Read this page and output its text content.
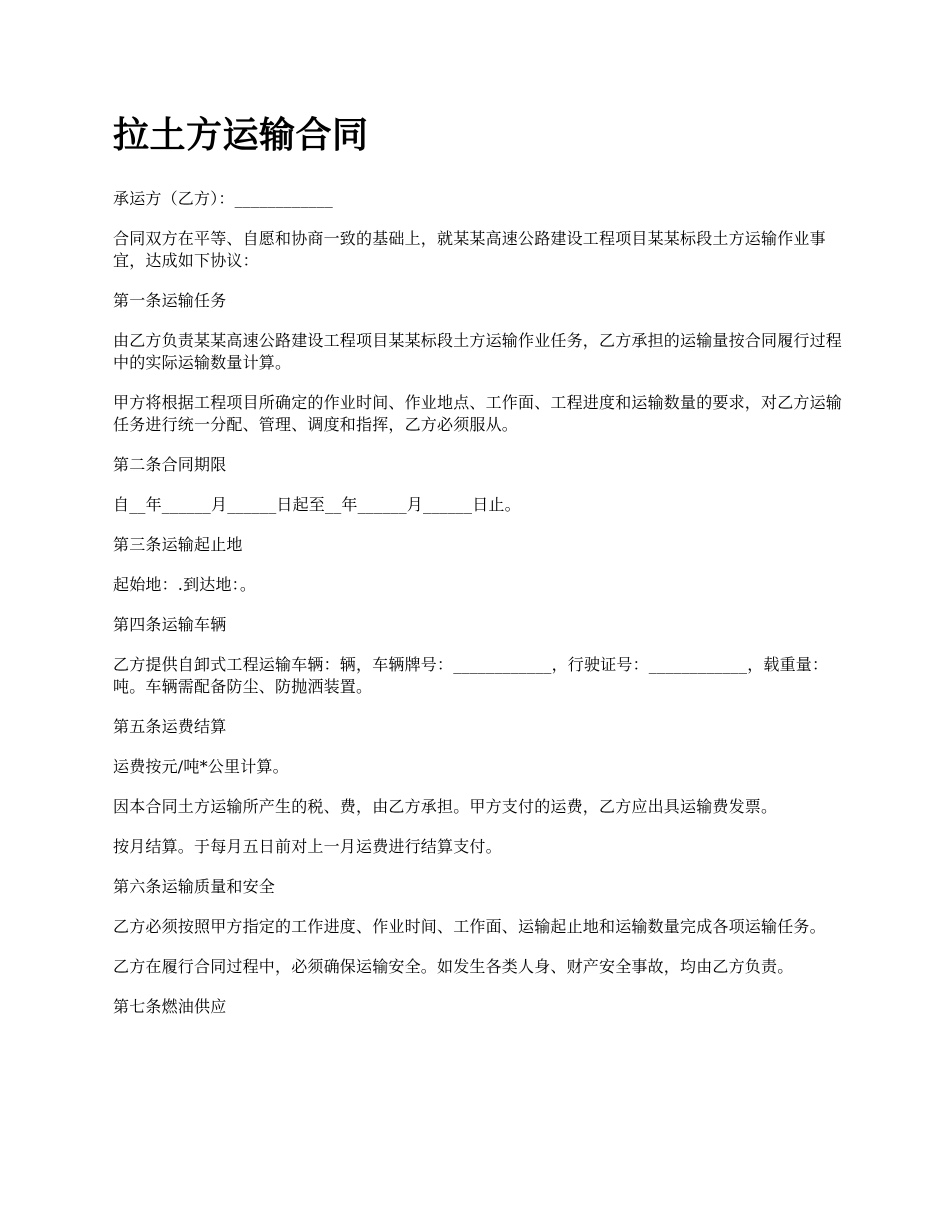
拉土方运输合同

承运方（乙方）：____________

合同双方在平等、自愿和协商一致的基础上，就某某高速公路建设工程项目某某标段土方运输作业事宜，达成如下协议：

第一条运输任务

由乙方负责某某高速公路建设工程项目某某标段土方运输作业任务，乙方承担的运输量按合同履行过程中的实际运输数量计算。

甲方将根据工程项目所确定的作业时间、作业地点、工作面、工程进度和运输数量的要求，对乙方运输任务进行统一分配、管理、调度和指挥，乙方必须服从。

第二条合同期限

自__年______月______日起至__年______月______日止。

第三条运输起止地

起始地：.到达地：。

第四条运输车辆

乙方提供自卸式工程运输车辆：辆，车辆牌号：____________，行驶证号：____________，载重量：吨。车辆需配备防尘、防抛洒装置。

第五条运费结算

运费按元/吨*公里计算。

因本合同土方运输所产生的税、费，由乙方承担。甲方支付的运费，乙方应出具运输费发票。

按月结算。于每月五日前对上一月运费进行结算支付。

第六条运输质量和安全

乙方必须按照甲方指定的工作进度、作业时间、工作面、运输起止地和运输数量完成各项运输任务。

乙方在履行合同过程中，必须确保运输安全。如发生各类人身、财产安全事故，均由乙方负责。

第七条燃油供应
